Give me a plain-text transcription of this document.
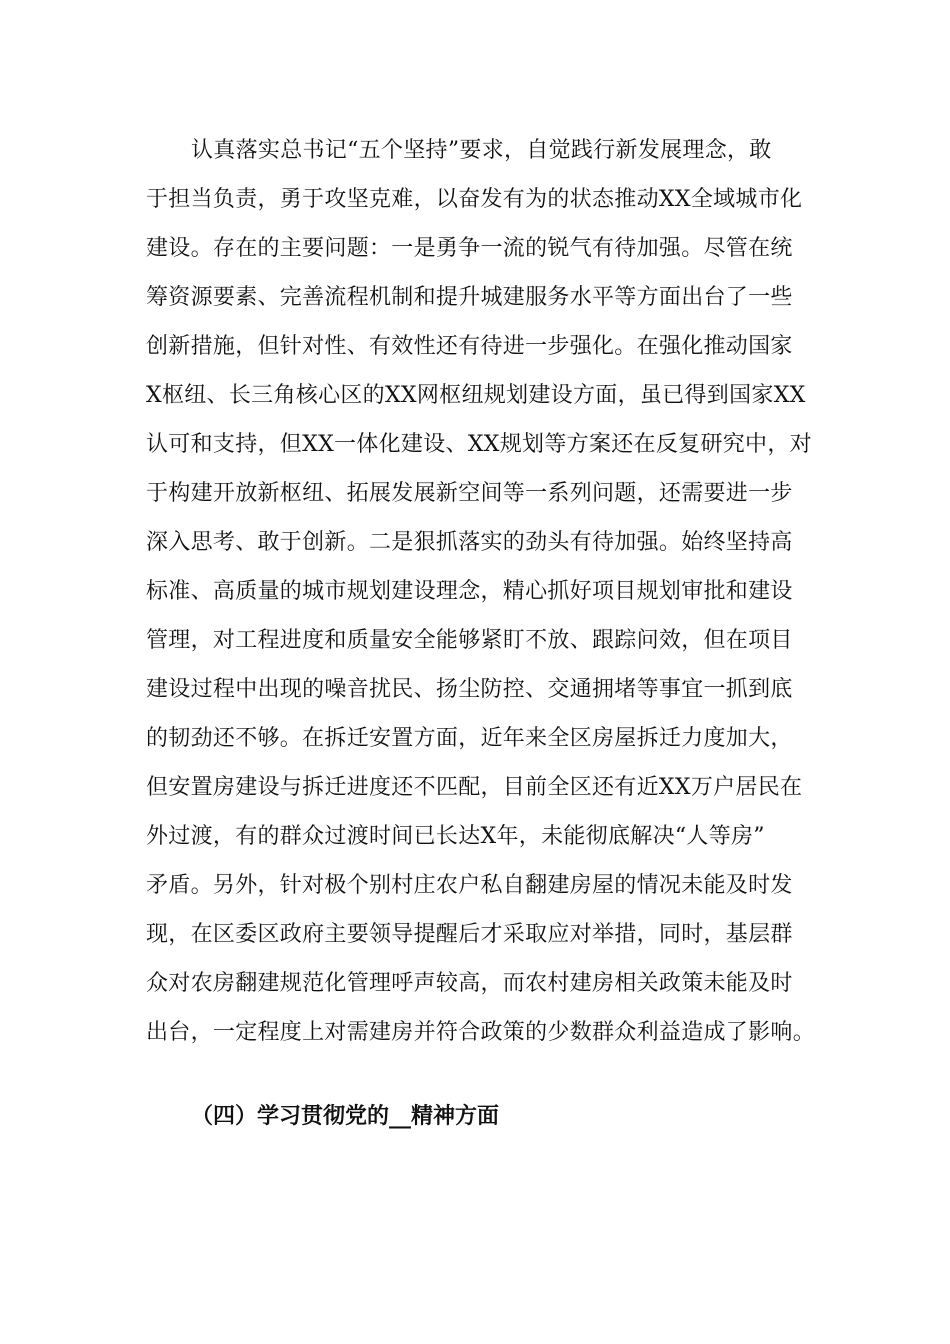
认真落实总书记“五个坚持”要求，自觉践行新发展理念，敢
于担当负责，勇于攻坚克难，以奋发有为的状态推动XX全域城市化
建设。存在的主要问题：一是勇争一流的锐气有待加强。尽管在统
筹资源要素、完善流程机制和提升城建服务水平等方面出台了一些
创新措施，但针对性、有效性还有待进一步强化。在强化推动国家
X枢纽、长三角核心区的XX网枢纽规划建设方面，虽已得到国家XX
认可和支持，但XX一体化建设、XX规划等方案还在反复研究中，对
于构建开放新枢纽、拓展发展新空间等一系列问题，还需要进一步
深入思考、敢于创新。二是狠抓落实的劲头有待加强。始终坚持高
标准、高质量的城市规划建设理念，精心抓好项目规划审批和建设
管理，对工程进度和质量安全能够紧盯不放、跟踪问效，但在项目
建设过程中出现的噪音扰民、扬尘防控、交通拥堵等事宜一抓到底
的韧劲还不够。在拆迁安置方面，近年来全区房屋拆迁力度加大，
但安置房建设与拆迁进度还不匹配，目前全区还有近XX万户居民在
外过渡，有的群众过渡时间已长达X年，未能彻底解决“人等房”
矛盾。另外，针对极个别村庄农户私自翻建房屋的情况未能及时发
现，在区委区政府主要领导提醒后才采取应对举措，同时，基层群
众对农房翻建规范化管理呼声较高，而农村建房相关政策未能及时
出台，一定程度上对需建房并符合政策的少数群众利益造成了影响。

（四）学习贯彻党的__精神方面
